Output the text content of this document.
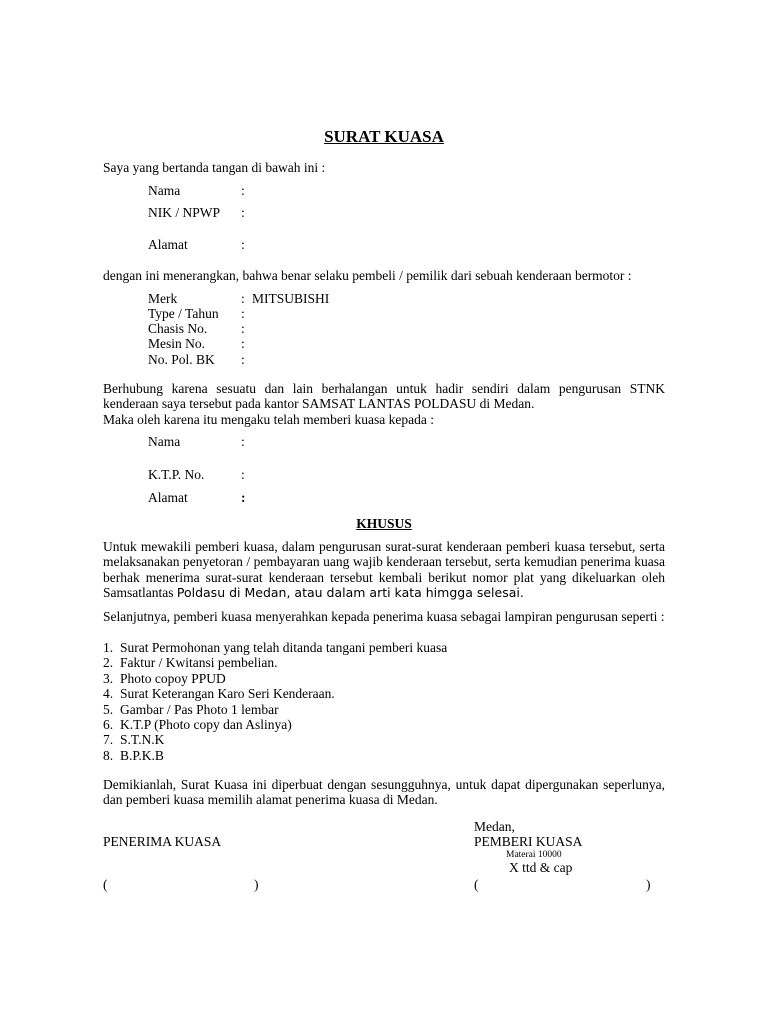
SURAT KUASA
Saya yang bertanda tangan di bawah ini :
Nama	:
NIK / NPWP :
Alamat	:
dengan ini menerangkan, bahwa benar selaku pembeli / pemilik dari sebuah kenderaan bermotor :
Merk	: MITSUBISHI
Type / Tahun :
Chasis No. :
Mesin No.	:
No. Pol. BK :
Berhubung karena sesuatu dan lain berhalangan untuk hadir sendiri dalam pengurusan STNK kenderaan saya tersebut pada kantor SAMSAT LANTAS POLDASU di Medan.
Maka oleh karena itu mengaku telah memberi kuasa kepada :
Nama	:
K.T.P. No.	:
Alamat	:
KHUSUS
Untuk mewakili pemberi kuasa, dalam pengurusan surat-surat kenderaan pemberi kuasa tersebut, serta melaksanakan penyetoran / pembayaran uang wajib kenderaan tersebut, serta kemudian penerima kuasa berhak menerima surat-surat kenderaan tersebut kembali berikut nomor plat yang dikeluarkan oleh Samsatlantas Poldasu di Medan, atau dalam arti kata himgga selesai.
Selanjutnya, pemberi kuasa menyerahkan kepada penerima kuasa sebagai lampiran pengurusan seperti :
1. Surat Permohonan yang telah ditanda tangani pemberi kuasa
2. Faktur / Kwitansi pembelian.
3. Photo copoy PPUD
4. Surat Keterangan Karo Seri Kenderaan.
5. Gambar / Pas Photo 1 lembar
6. K.T.P (Photo copy dan Aslinya)
7. S.T.N.K
8. B.P.K.B
Demikianlah, Surat Kuasa ini diperbuat dengan sesungguhnya, untuk dapat dipergunakan seperlunya, dan pemberi kuasa memilih alamat penerima kuasa di Medan.
Medan,
PENERIMA KUASA	PEMBERI KUASA
Materai 10000
X ttd & cap
(	)	(	)
